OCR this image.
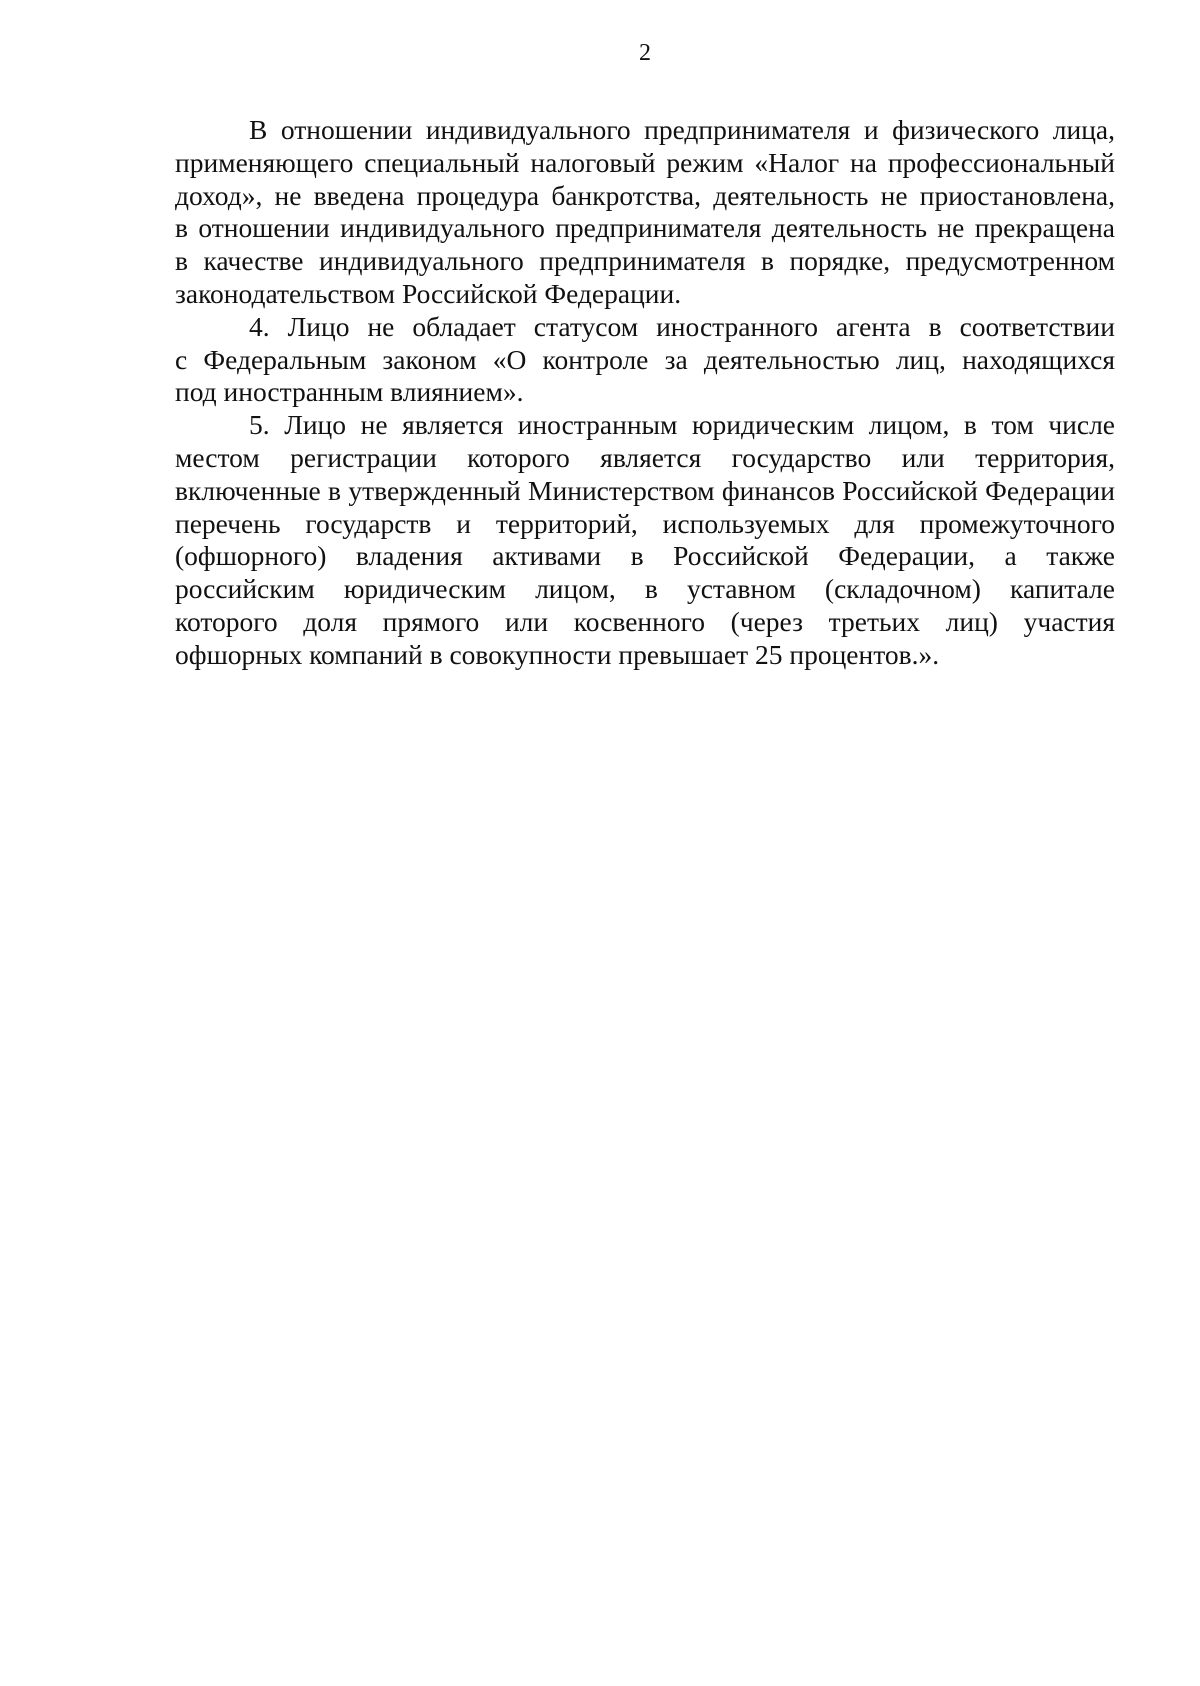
2
В отношении индивидуального предпринимателя и физического лица,
применяющего специальный налоговый режим «Налог на профессиональный
доход», не введена процедура банкротства, деятельность не приостановлена,
в отношении индивидуального предпринимателя деятельность не прекращена
в качестве индивидуального предпринимателя в порядке, предусмотренном
законодательством Российской Федерации.
4. Лицо не обладает статусом иностранного агента в соответствии
с Федеральным законом «О контроле за деятельностью лиц, находящихся
под иностранным влиянием».
5. Лицо не является иностранным юридическим лицом, в том числе
местом регистрации которого является государство или территория,
включенные в утвержденный Министерством финансов Российской Федерации
перечень государств и территорий, используемых для промежуточного
(офшорного) владения активами в Российской Федерации, а также
российским юридическим лицом, в уставном (складочном) капитале
которого доля прямого или косвенного (через третьих лиц) участия
офшорных компаний в совокупности превышает 25 процентов.».
